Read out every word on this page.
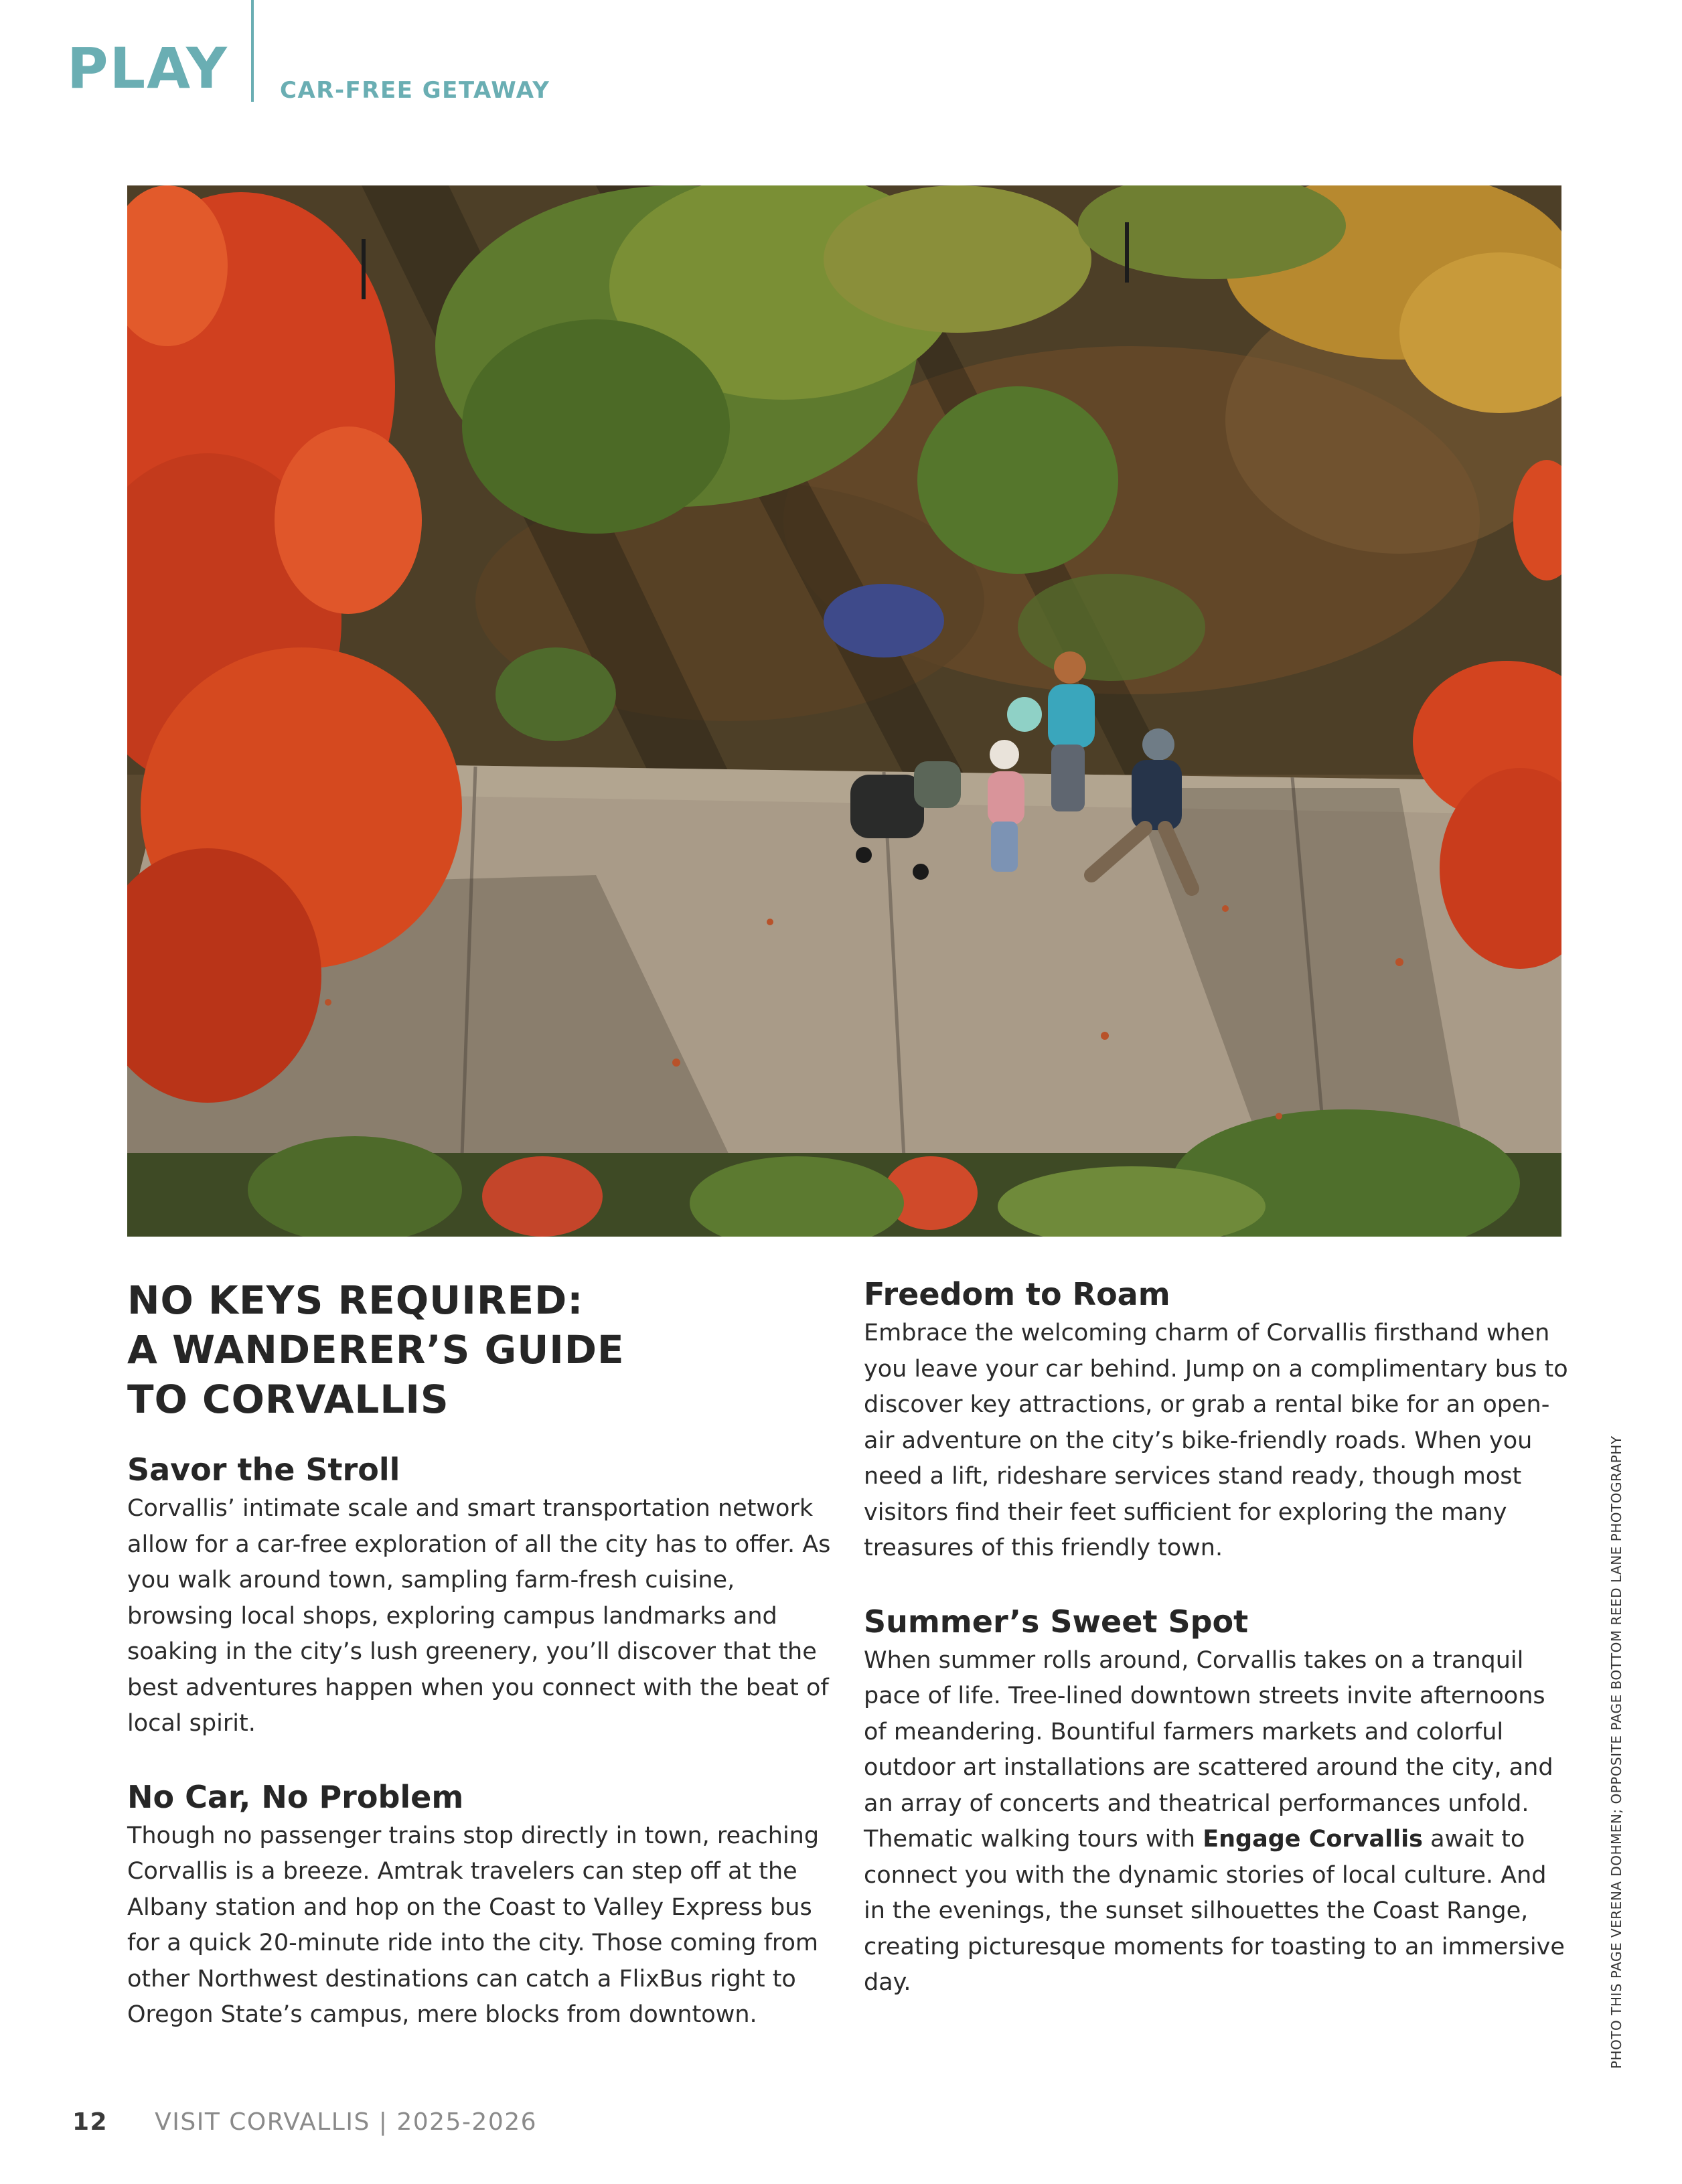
PLAY CAR-FREE GETAWAY
NO KEYS REQUIRED:
A WANDERER’S GUIDE
TO CORVALLIS
Savor the Stroll

Corvallis’ intimate scale and smart transportation network allow for a car-free exploration of all the city has to offer. As you walk around town, sampling farm-fresh cuisine, browsing local shops, exploring campus landmarks and soaking in the city’s lush greenery, you’ll discover that the best adventures happen when you connect with the beat of local spirit.

No Car, No Problem

Though no passenger trains stop directly in town, reaching Corvallis is a breeze. Amtrak travelers can step off at the Albany station and hop on the Coast to Valley Express bus for a quick 20-minute ride into the city. Those coming from other Northwest destinations can catch a FlixBus right to Oregon State’s campus, mere blocks from downtown.

Freedom to Roam

Embrace the welcoming charm of Corvallis firsthand when you leave your car behind. Jump on a complimentary bus to discover key attractions, or grab a rental bike for an open-air adventure on the city’s bike-friendly roads. When you need a lift, rideshare services stand ready, though most visitors find their feet sufficient for exploring the many treasures of this friendly town.

Summer’s Sweet Spot

When summer rolls around, Corvallis takes on a tranquil pace of life. Tree-lined downtown streets invite afternoons of meandering. Bountiful farmers markets and colorful outdoor art installations are scattered around the city, and an array of concerts and theatrical performances unfold. Thematic walking tours with Engage Corvallis await to connect you with the dynamic stories of local culture. And in the evenings, the sunset silhouettes the Coast Range, creating picturesque moments for toasting to an immersive day.	PHOTO THIS PAGE VERENA DOHMEN; OPPOSITE PAGE BOTTOM REED LANE PHOTOGRAPHY
12 VISIT CORVALLIS | 2025-2026
